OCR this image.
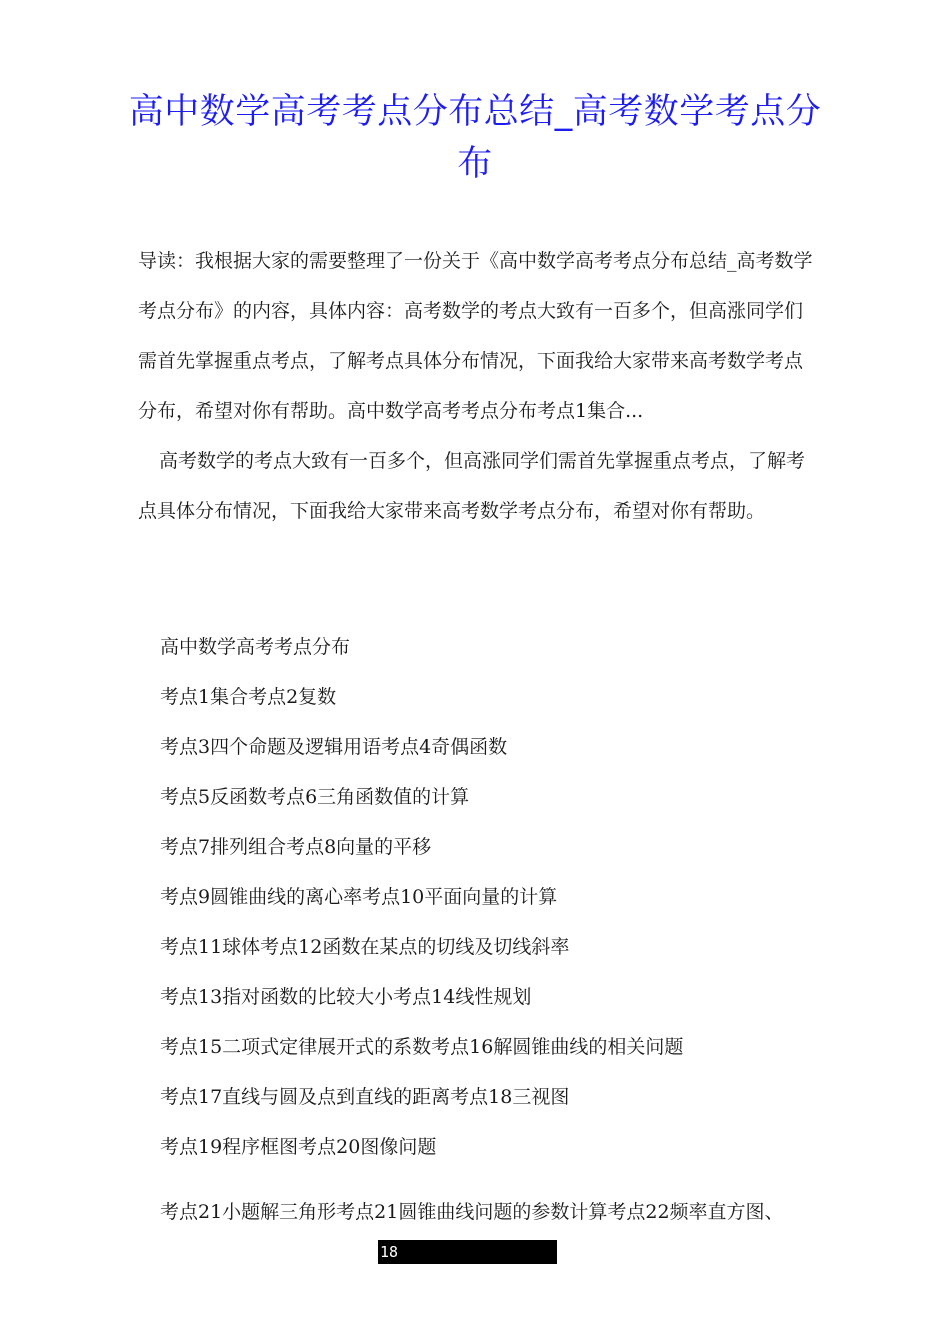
高中数学高考考点分布总结_高考数学考点分布

导读：我根据大家的需要整理了一份关于《高中数学高考考点分布总结_高考数学考点分布》的内容，具体内容：高考数学的考点大致有一百多个，但高涨同学们需首先掌握重点考点，了解考点具体分布情况，下面我给大家带来高考数学考点分布，希望对你有帮助。高中数学高考考点分布考点1集合...

高考数学的考点大致有一百多个，但高涨同学们需首先掌握重点考点，了解考点具体分布情况，下面我给大家带来高考数学考点分布，希望对你有帮助。

高中数学高考考点分布
考点1集合考点2复数
考点3四个命题及逻辑用语考点4奇偶函数
考点5反函数考点6三角函数值的计算
考点7排列组合考点8向量的平移
考点9圆锥曲线的离心率考点10平面向量的计算
考点11球体考点12函数在某点的切线及切线斜率
考点13指对函数的比较大小考点14线性规划
考点15二项式定律展开式的系数考点16解圆锥曲线的相关问题
考点17直线与圆及点到直线的距离考点18三视图
考点19程序框图考点20图像问题

考点21小题解三角形考点21圆锥曲线问题的参数计算考点22频率直方图、

18
